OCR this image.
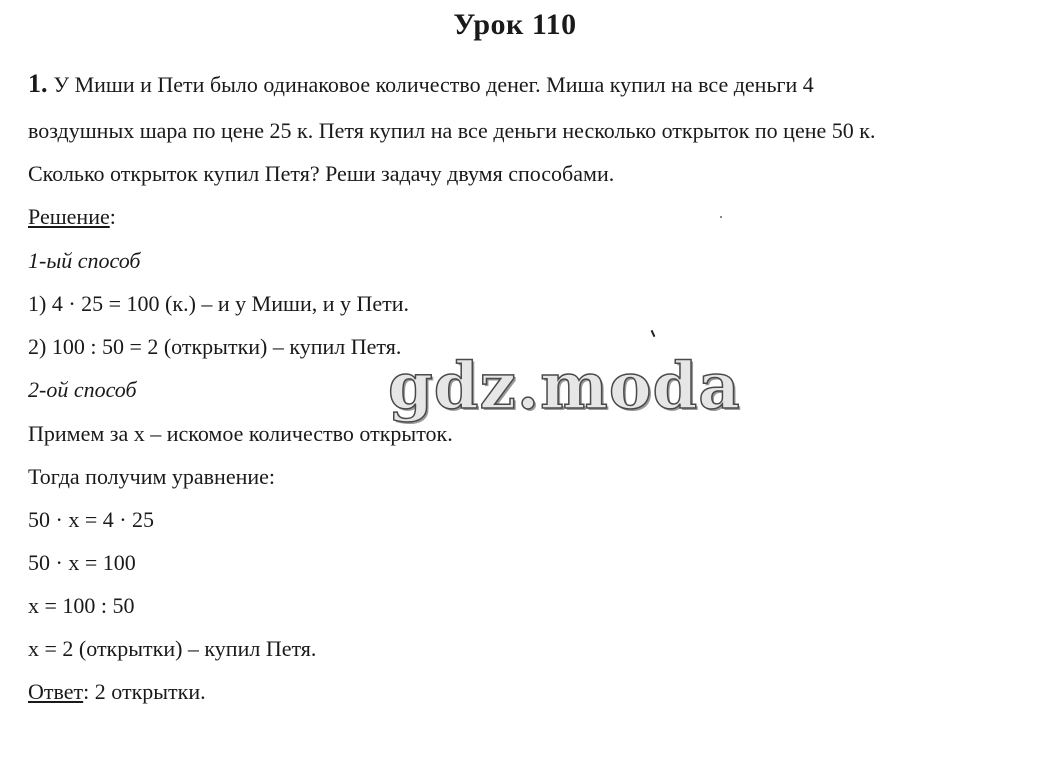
Урок 110
1. У Миши и Пети было одинаковое количество денег. Миша купил на все деньги 4
воздушных шара по цене 25 к. Петя купил на все деньги несколько открыток по цене 50 к.
Сколько открыток купил Петя? Реши задачу двумя способами.
Решение:
1-ый способ
1) 4 · 25 = 100 (к.) – и у Миши, и у Пети.
2) 100 : 50 = 2 (открытки) – купил Петя.
2-ой способ
Примем за х – искомое количество открыток.
Тогда получим уравнение:
50 · х = 4 · 25
50 · х = 100
х = 100 : 50
х = 2 (открытки) – купил Петя.
Ответ: 2 открытки.
gdz.moda
